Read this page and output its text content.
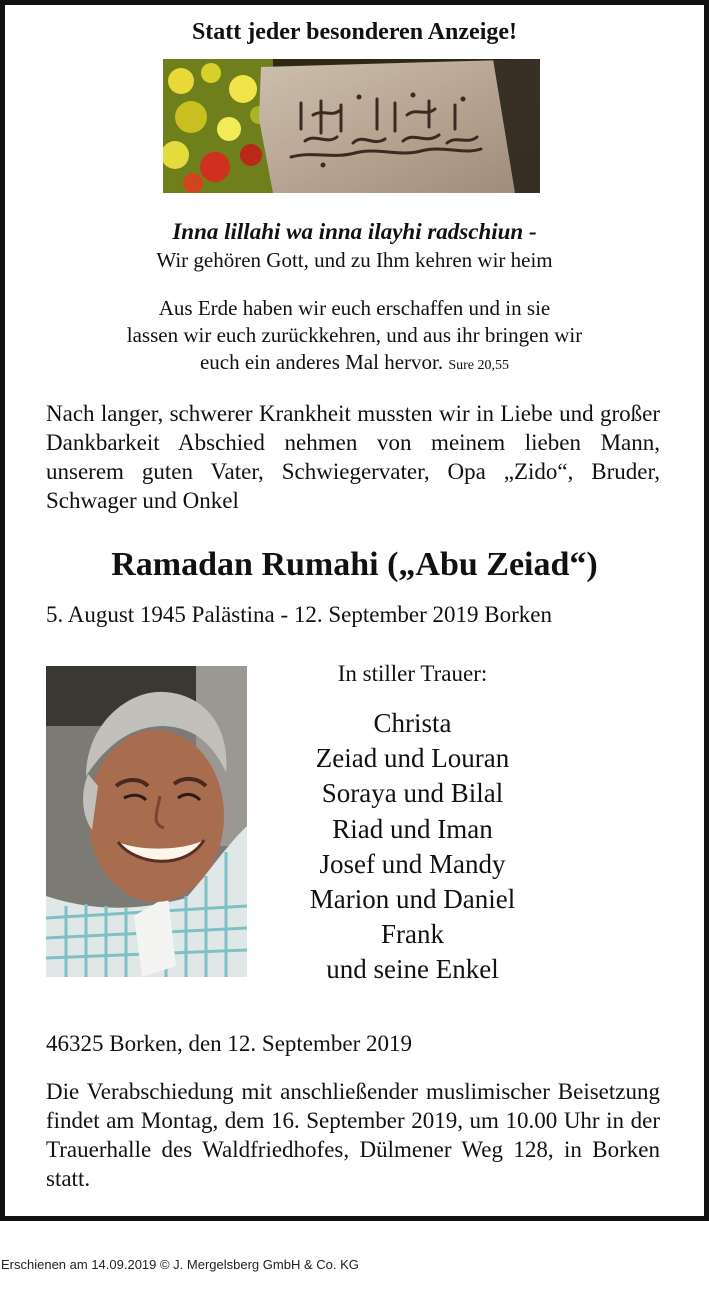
Statt jeder besonderen Anzeige!
Inna lillahi wa inna ilayhi radschiun -
Wir gehören Gott, und zu Ihm kehren wir heim
Aus Erde haben wir euch erschaffen und in sie
lassen wir euch zurückkehren, und aus ihr bringen wir
euch ein anderes Mal hervor. Sure 20,55
Nach langer, schwerer Krankheit mussten wir in Liebe und großer Dankbarkeit Abschied nehmen von meinem lieben Mann, unserem guten Vater, Schwiegervater, Opa „Zido“, Bruder, Schwager und Onkel
Ramadan Rumahi („Abu Zeiad“)
5. August 1945 Palästina - 12. September 2019 Borken
In stiller Trauer:
Christa
Zeiad und Louran
Soraya und Bilal
Riad und Iman
Josef und Mandy
Marion und Daniel
Frank
und seine Enkel
46325 Borken, den 12. September 2019
Die Verabschiedung mit anschließender muslimischer Beisetzung findet am Montag, dem 16. September 2019, um 10.00 Uhr in der Trauerhalle des Waldfriedhofes, Dülmener Weg 128, in Borken statt.
Erschienen am 14.09.2019 © J. Mergelsberg GmbH & Co. KG
